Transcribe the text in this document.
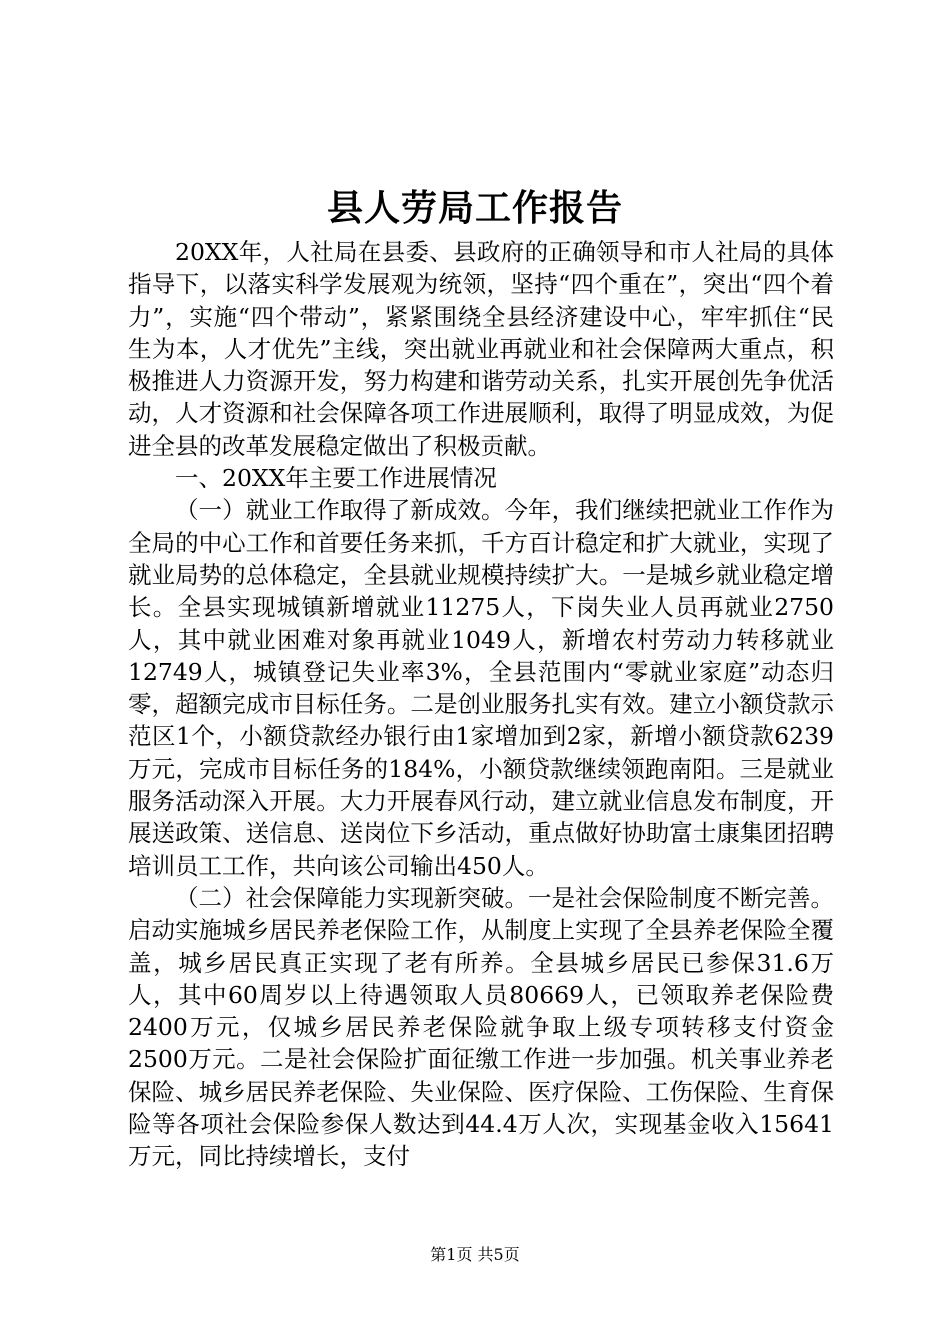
县人劳局工作报告

20XX年，人社局在县委、县政府的正确领导和市人社局的具体指导下，以落实科学发展观为统领，坚持“四个重在”，突出“四个着力”，实施“四个带动”，紧紧围绕全县经济建设中心，牢牢抓住“民生为本，人才优先”主线，突出就业再就业和社会保障两大重点，积极推进人力资源开发，努力构建和谐劳动关系，扎实开展创先争优活动，人才资源和社会保障各项工作进展顺利，取得了明显成效，为促进全县的改革发展稳定做出了积极贡献。

一、20XX年主要工作进展情况

（一）就业工作取得了新成效。今年，我们继续把就业工作作为全局的中心工作和首要任务来抓，千方百计稳定和扩大就业，实现了就业局势的总体稳定，全县就业规模持续扩大。一是城乡就业稳定增长。全县实现城镇新增就业11275人，下岗失业人员再就业2750人，其中就业困难对象再就业1049人，新增农村劳动力转移就业12749人，城镇登记失业率3%，全县范围内“零就业家庭”动态归零，超额完成市目标任务。二是创业服务扎实有效。建立小额贷款示范区1个，小额贷款经办银行由1家增加到2家，新增小额贷款6239万元，完成市目标任务的184%，小额贷款继续领跑南阳。三是就业服务活动深入开展。大力开展春风行动，建立就业信息发布制度，开展送政策、送信息、送岗位下乡活动，重点做好协助富士康集团招聘培训员工工作，共向该公司输出450人。

（二）社会保障能力实现新突破。一是社会保险制度不断完善。启动实施城乡居民养老保险工作，从制度上实现了全县养老保险全覆盖，城乡居民真正实现了老有所养。全县城乡居民已参保31.6万人，其中60周岁以上待遇领取人员80669人，已领取养老保险费2400万元，仅城乡居民养老保险就争取上级专项转移支付资金2500万元。二是社会保险扩面征缴工作进一步加强。机关事业养老保险、城乡居民养老保险、失业保险、医疗保险、工伤保险、生育保险等各项社会保险参保人数达到44.4万人次，实现基金收入15641万元，同比持续增长，支付

第1页 共5页
